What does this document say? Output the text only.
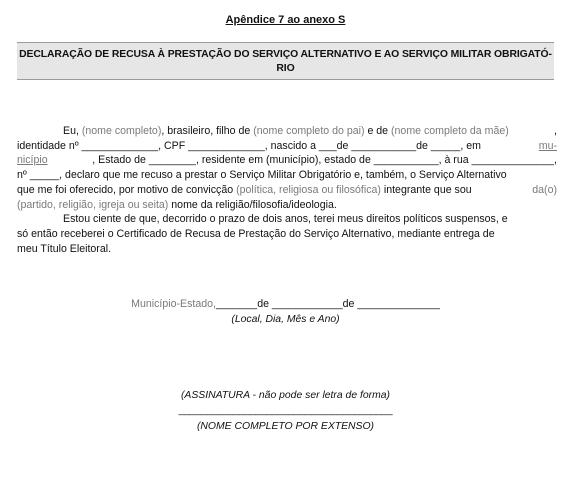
Apêndice 7 ao anexo S
DECLARAÇÃO DE RECUSA À PRESTAÇÃO DO SERVIÇO ALTERNATIVO E AO SERVIÇO MILITAR OBRIGATÓ-
RIO
Eu, (nome completo), brasileiro, filho de (nome completo do pai) e de (nome completo da mãe)	,
identidade nº _____________, CPF _____________, nascido a ___de ___________de _____, em	mu-
nicípio	, Estado de ________, residente em (município), estado de ___________, à rua ______________,
nº _____, declaro que me recuso a prestar o Serviço Militar Obrigatório e, também, o Serviço Alternativo
que me foi oferecido, por motivo de convicção (política, religiosa ou filosófica) integrante que sou	da(o)
(partido, religião, igreja ou seita) nome da religião/filosofia/ideologia.
Estou ciente de que, decorrido o prazo de dois anos, terei meus direitos políticos suspensos, e
só então receberei o Certificado de Recusa de Prestação do Serviço Alternativo, mediante entrega de
meu Título Eleitoral.
Município-Estado,_______de ____________de ______________
(Local, Dia, Mês e Ano)
(ASSINATURA - não pode ser letra de forma)
_______________________________________
(NOME COMPLETO POR EXTENSO)
